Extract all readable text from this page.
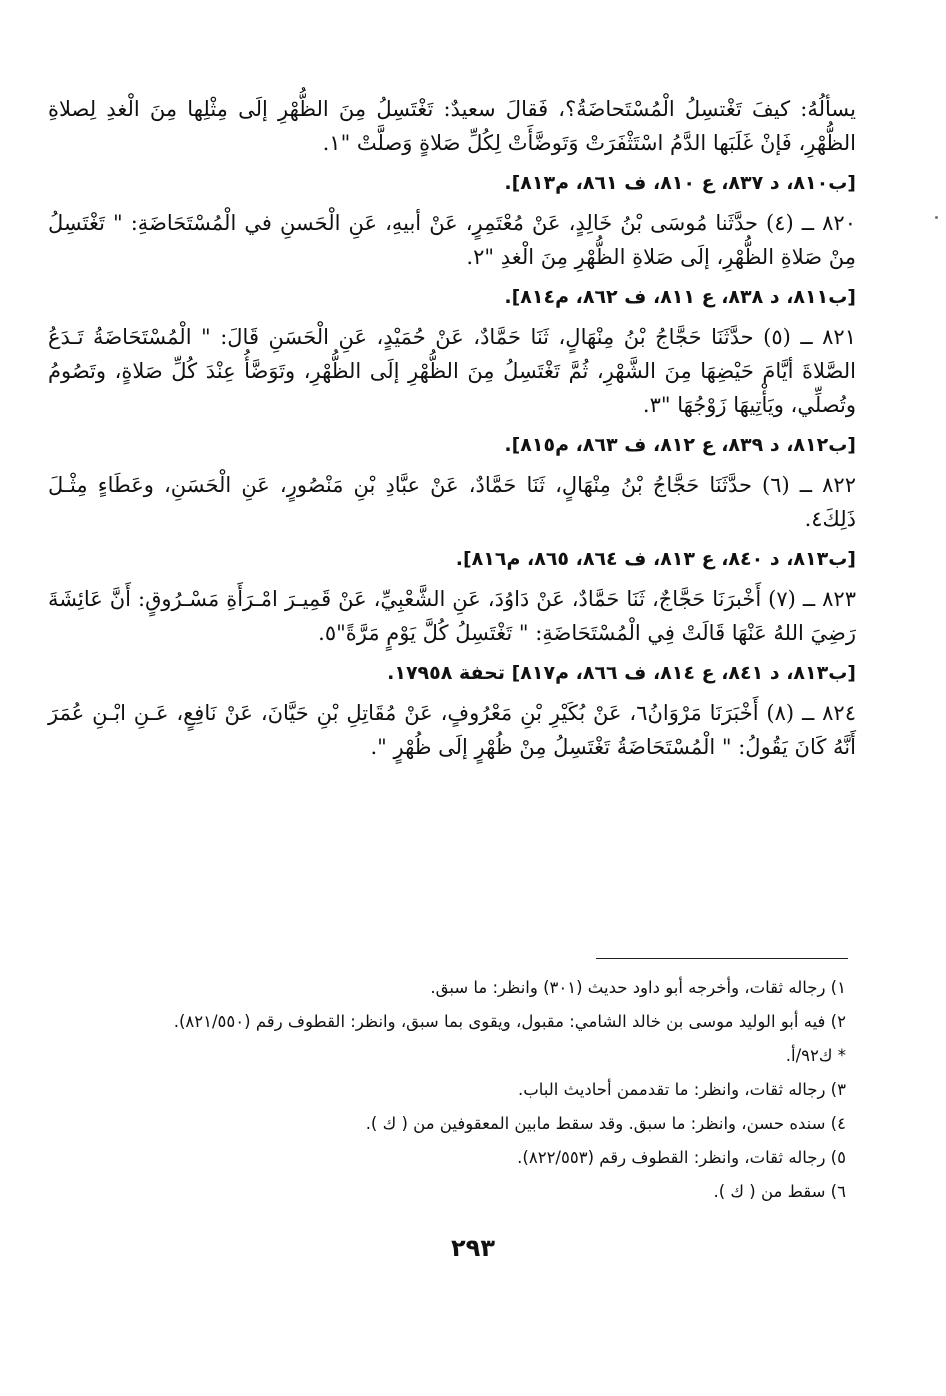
يسألُهُ: كيفَ تَغْتسِلُ الْمُسْتَحاضَةُ؟، فَقالَ سعيدٌ: تَغْتَسِلُ مِنَ الظُّهْرِ إلَى مِثْلِها مِنَ الْغدِ لِصلاةِ الظُّهْرِ، فَإنْ غَلَبَها الدَّمُ اسْتَثْفَرَتْ وَتَوضَّأَتْ لِكُلِّ صَلاةٍ وَصلَّتْ "١.

[ب٨١٠، د ٨٣٧، ع ٨١٠، ف ٨٦١، م٨١٣].

٨٢٠ ــ (٤) حدَّثَنا مُوسَى بْنُ خَالِدٍ، عَنْ مُعْتَمِرٍ، عَنْ أبيهِ، عَنِ الْحَسنِ في الْمُسْتَحَاضَةِ: " تَغْتَسِلُ مِنْ صَلاةِ الظُّهْرِ، إلَى صَلاةِ الظُّهْرِ مِنَ الْغدِ "٢.

[ب٨١١، د ٨٣٨، ع ٨١١، ف ٨٦٢، م٨١٤].

٨٢١ ــ (٥) حدَّثَنَا حَجَّاجُ بْنُ مِنْهَالٍ، ثَنَا حَمَّادٌ، عَنْ حُمَيْدٍ، عَنِ الْحَسَنِ قَالَ: " الْمُسْتَحَاضَةُ تَـدَعُ الصَّلاةَ أيَّامَ حَيْضِهَا مِنَ الشَّهْرِ، ثُمَّ تَغْتَسِلُ مِنَ الظُّهْرِ إلَى الظُّهْرِ، وتَوَضَّأُ عِنْدَ كُلِّ صَلاةٍ، وتَصُومُ وتُصلِّي، ويَأْتِيهَا زَوْجُهَا "٣.

[ب٨١٢، د ٨٣٩، ع ٨١٢، ف ٨٦٣، م٨١٥].

٨٢٢ ــ (٦) حدَّثَنَا حَجَّاجُ بْنُ مِنْهَالٍ، ثَنَا حَمَّادٌ، عَنْ عبَّادِ بْنِ مَنْصُورٍ، عَنِ الْحَسَنِ، وعَطَاءٍ مِثْـلَ ذَلِكَ٤.

[ب٨١٣، د ٨٤٠، ع ٨١٣، ف ٨٦٤، ٨٦٥، م٨١٦].

٨٢٣ ــ (٧) أَخْبرَنَا حَجَّاجٌ، ثَنَا حَمَّادٌ، عَنْ دَاوُدَ، عَنِ الشَّعْبِيِّ، عَنْ قَمِيـرَ امْـرَأَةِ مَسْـرُوقٍ: أَنَّ عَائِشَةَ رَضِيَ اللهُ عَنْهَا قَالَتْ فِي الْمُسْتَحَاضَةِ: " تَغْتَسِلُ كُلَّ يَوْمٍ مَرَّةً"٥.

[ب٨١٣، د ٨٤١، ع ٨١٤، ف ٨٦٦، م٨١٧] تحفة ١٧٩٥٨.

٨٢٤ ــ (٨) أَخْبَرَنَا مَرْوَانُ٦، عَنْ بُكَيْرِ بْنِ مَعْرُوفٍ، عَنْ مُقَاتِلِ بْنِ حَيَّانَ، عَنْ نَافِعٍ، عَـنِ ابْـنِ عُمَرَ أَنَّهُ كَانَ يَقُولُ: " الْمُسْتَحَاضَةُ تَغْتَسِلُ مِنْ ظُهْرٍ إلَى ظُهْرٍ ".

١) رجاله ثقات، وأخرجه أبو داود حديث (٣٠١) وانظر: ما سبق.
٢) فيه أبو الوليد موسى بن خالد الشامي: مقبول، ويقوى بما سبق، وانظر: القطوف رقم (٨٢١/٥٥٠).
* ك٩٢/أ.
٣) رجاله ثقات، وانظر: ما تقدممن أحاديث الباب.
٤) سنده حسن، وانظر: ما سبق. وقد سقط مابين المعقوفين من ( ك ).
٥) رجاله ثقات، وانظر: القطوف رقم (٨٢٢/٥٥٣).
٦) سقط من ( ك ).
٢٩٣
